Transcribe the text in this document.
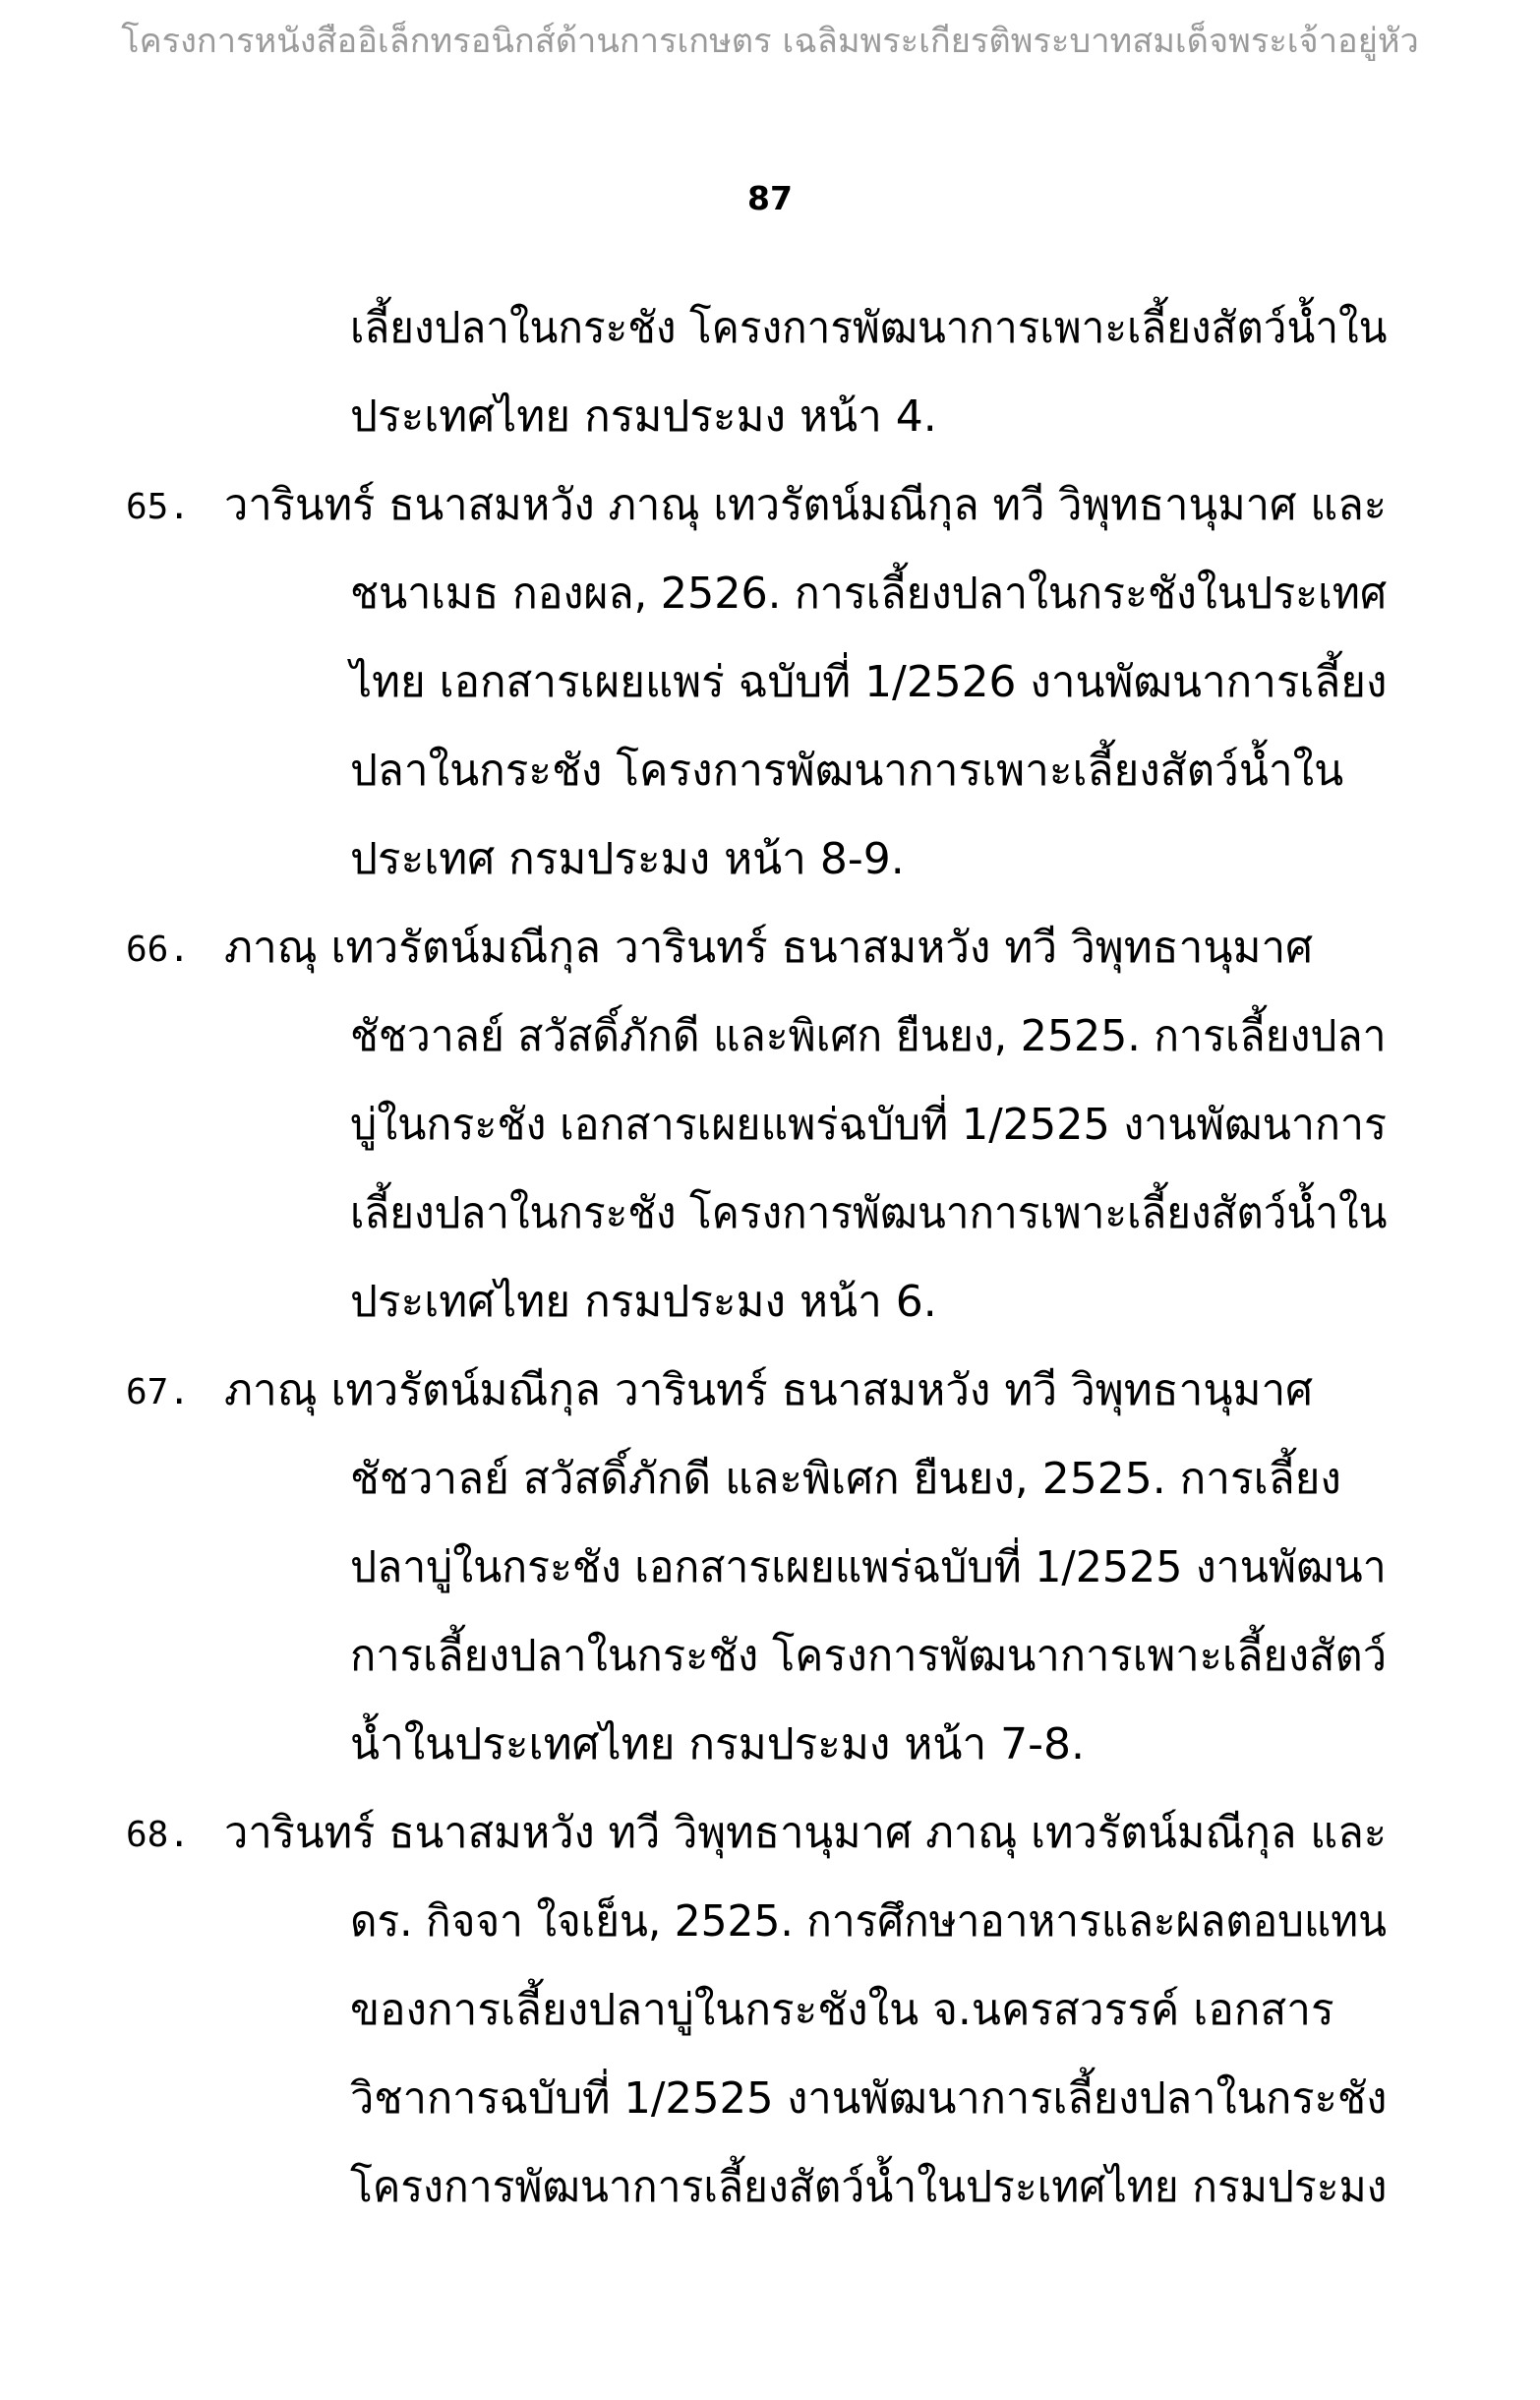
โครงการหนังสืออิเล็กทรอนิกส์ด้านการเกษตร เฉลิมพระเกียรติพระบาทสมเด็จพระเจ้าอยู่หัว
87
เลี้ยงปลาในกระชัง โครงการพัฒนาการเพาะเลี้ยงสัตว์น้ำใน
ประเทศไทย กรมประมง หน้า 4.
65. วารินทร์ ธนาสมหวัง ภาณุ เทวรัตน์มณีกุล ทวี วิพุทธานุมาศ และ
ชนาเมธ กองผล, 2526. การเลี้ยงปลาในกระชังในประเทศ
ไทย เอกสารเผยแพร่ ฉบับที่ 1/2526 งานพัฒนาการเลี้ยง
ปลาในกระชัง โครงการพัฒนาการเพาะเลี้ยงสัตว์น้ำใน
ประเทศ กรมประมง หน้า 8-9.
66. ภาณุ เทวรัตน์มณีกุล วารินทร์ ธนาสมหวัง ทวี วิพุทธานุมาศ
ชัชวาลย์ สวัสดิ์ภักดี และพิเศก ยืนยง, 2525. การเลี้ยงปลา
บู่ในกระชัง เอกสารเผยแพร่ฉบับที่ 1/2525 งานพัฒนาการ
เลี้ยงปลาในกระชัง โครงการพัฒนาการเพาะเลี้ยงสัตว์น้ำใน
ประเทศไทย กรมประมง หน้า 6.
67. ภาณุ เทวรัตน์มณีกุล วารินทร์ ธนาสมหวัง ทวี วิพุทธานุมาศ
ชัชวาลย์ สวัสดิ์ภักดี และพิเศก ยืนยง, 2525. การเลี้ยง
ปลาบู่ในกระชัง เอกสารเผยแพร่ฉบับที่ 1/2525 งานพัฒนา
การเลี้ยงปลาในกระชัง โครงการพัฒนาการเพาะเลี้ยงสัตว์
น้ำในประเทศไทย กรมประมง หน้า 7-8.
68. วารินทร์ ธนาสมหวัง ทวี วิพุทธานุมาศ ภาณุ เทวรัตน์มณีกุล และ
ดร. กิจจา ใจเย็น, 2525. การศึกษาอาหารและผลตอบแทน
ของการเลี้ยงปลาบู่ในกระชังใน จ.นครสวรรค์ เอกสาร
วิชาการฉบับที่ 1/2525 งานพัฒนาการเลี้ยงปลาในกระชัง
โครงการพัฒนาการเลี้ยงสัตว์น้ำในประเทศไทย กรมประมง
